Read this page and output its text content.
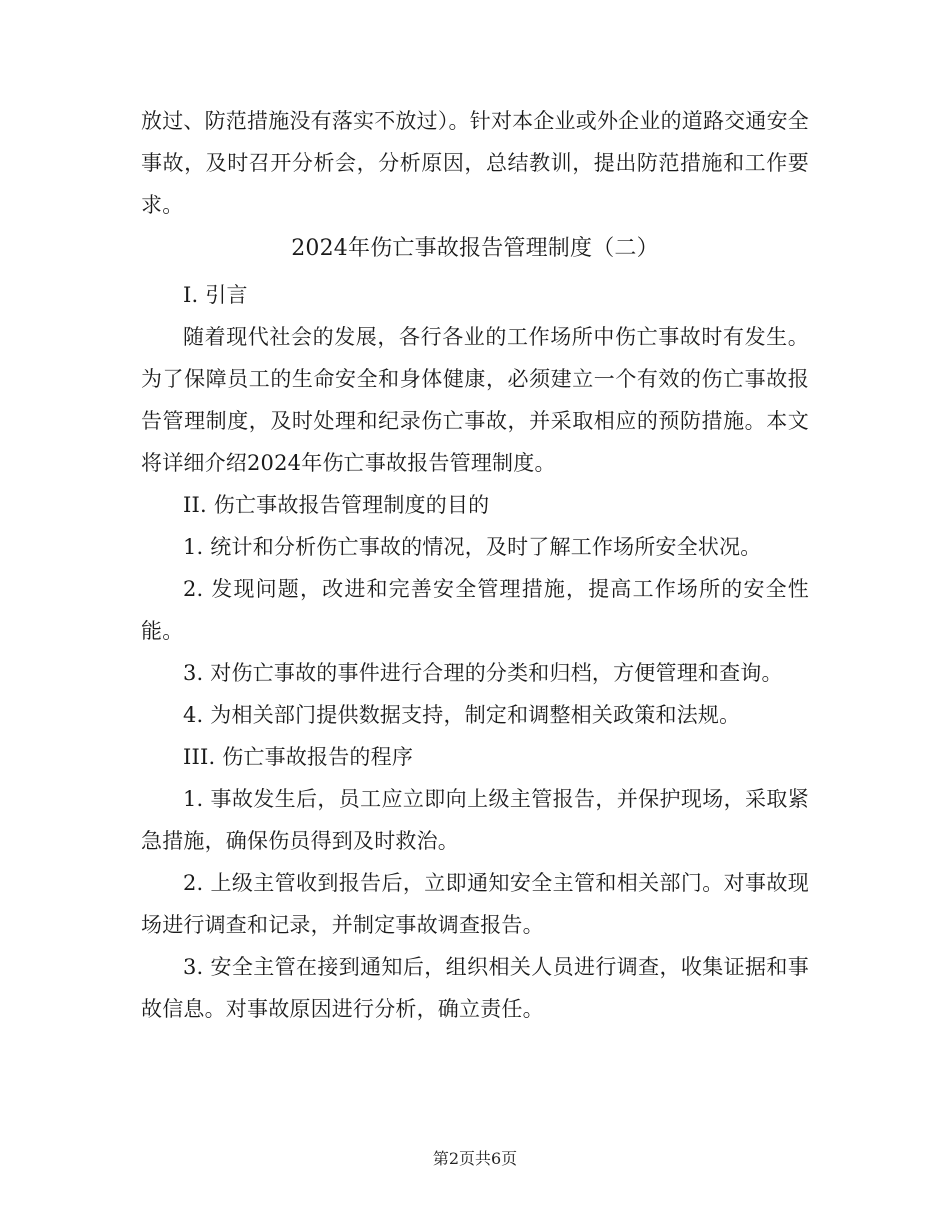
放过、防范措施没有落实不放过）。针对本企业或外企业的道路交通安全事故，及时召开分析会，分析原因，总结教训，提出防范措施和工作要求。

2024年伤亡事故报告管理制度（二）

I. 引言

随着现代社会的发展，各行各业的工作场所中伤亡事故时有发生。为了保障员工的生命安全和身体健康，必须建立一个有效的伤亡事故报告管理制度，及时处理和纪录伤亡事故，并采取相应的预防措施。本文将详细介绍2024年伤亡事故报告管理制度。

II. 伤亡事故报告管理制度的目的

1. 统计和分析伤亡事故的情况，及时了解工作场所安全状况。

2. 发现问题，改进和完善安全管理措施，提高工作场所的安全性能。

3. 对伤亡事故的事件进行合理的分类和归档，方便管理和查询。

4. 为相关部门提供数据支持，制定和调整相关政策和法规。

III. 伤亡事故报告的程序

1. 事故发生后，员工应立即向上级主管报告，并保护现场，采取紧急措施，确保伤员得到及时救治。

2. 上级主管收到报告后，立即通知安全主管和相关部门。对事故现场进行调查和记录，并制定事故调查报告。

3. 安全主管在接到通知后，组织相关人员进行调查，收集证据和事故信息。对事故原因进行分析，确立责任。

第2页共6页
